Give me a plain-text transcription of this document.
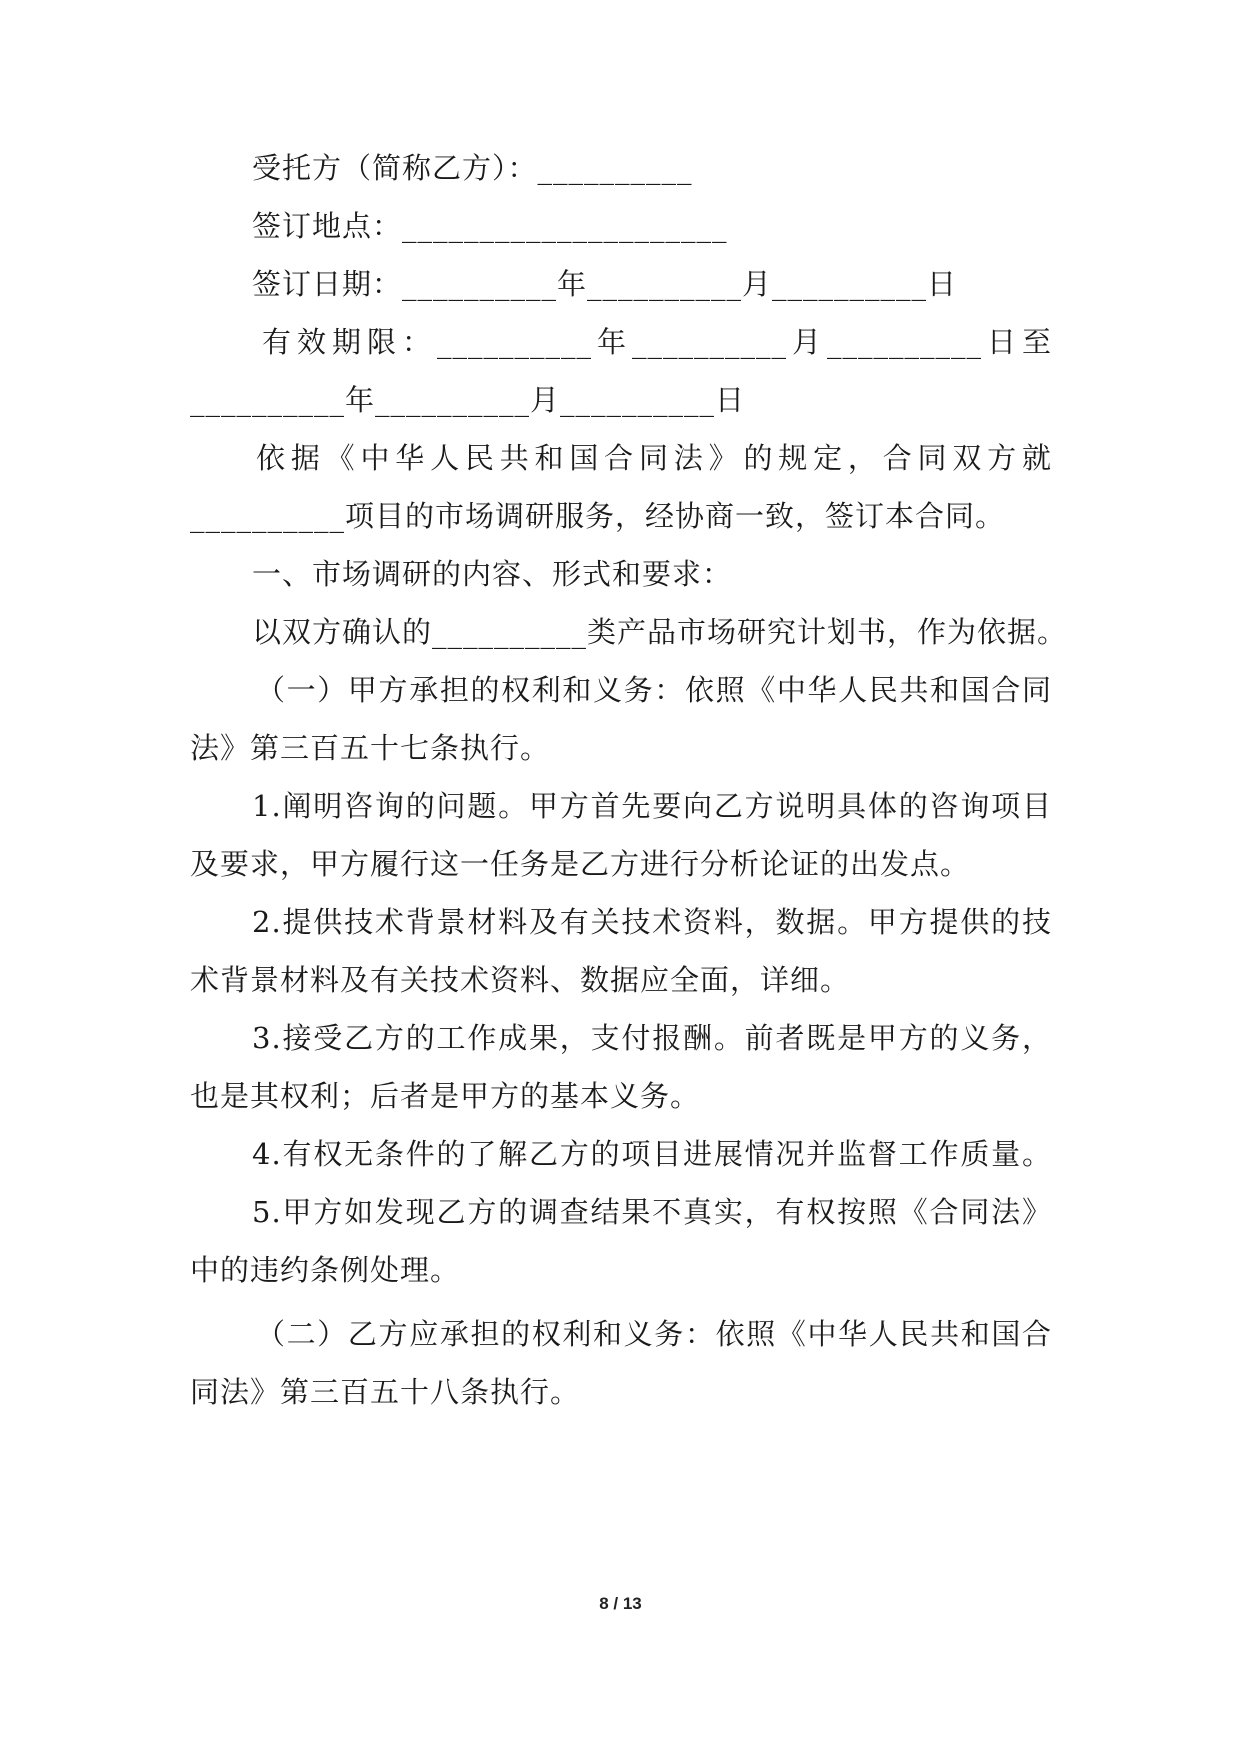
受托方（简称乙方）：__________
签订地点：_____________________
签订日期：__________年__________月__________日
有效期限：__________年__________月__________日至
__________年__________月__________日
依据《中华人民共和国合同法》的规定，合同双方就
__________项目的市场调研服务，经协商一致，签订本合同。
一、市场调研的内容、形式和要求：
以双方确认的__________类产品市场研究计划书，作为依据。
（一）甲方承担的权利和义务：依照《中华人民共和国合同
法》第三百五十七条执行。
1.阐明咨询的问题。甲方首先要向乙方说明具体的咨询项目
及要求，甲方履行这一任务是乙方进行分析论证的出发点。
2.提供技术背景材料及有关技术资料，数据。甲方提供的技
术背景材料及有关技术资料、数据应全面，详细。
3.接受乙方的工作成果，支付报酬。前者既是甲方的义务，
也是其权利；后者是甲方的基本义务。
4.有权无条件的了解乙方的项目进展情况并监督工作质量。
5.甲方如发现乙方的调查结果不真实，有权按照《合同法》
中的违约条例处理。
（二）乙方应承担的权利和义务：依照《中华人民共和国合
同法》第三百五十八条执行。
8 / 13
